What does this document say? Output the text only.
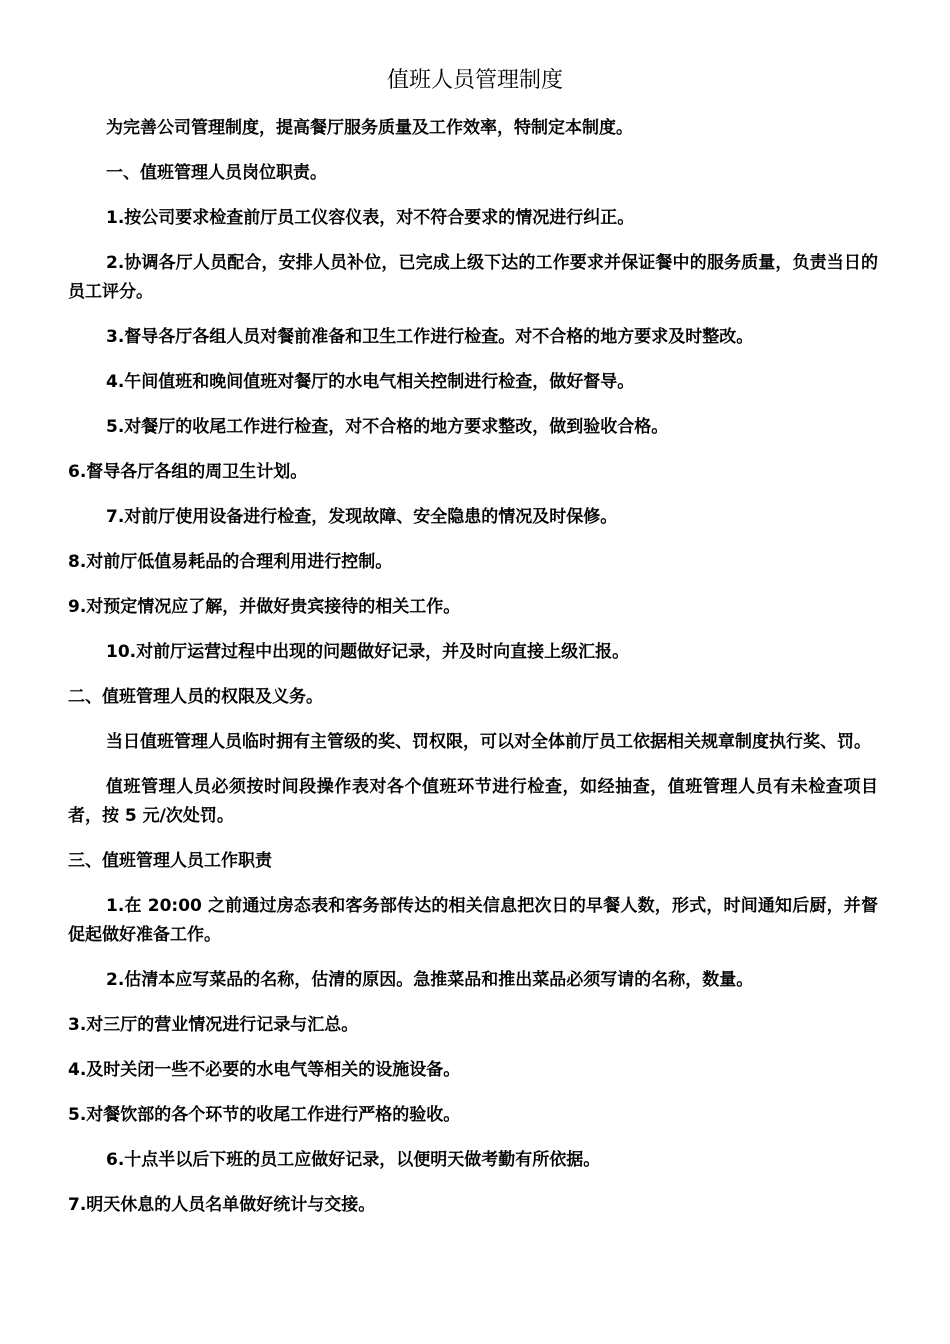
值班人员管理制度

为完善公司管理制度，提高餐厅服务质量及工作效率，特制定本制度。

一、值班管理人员岗位职责。

1.按公司要求检查前厅员工仪容仪表，对不符合要求的情况进行纠正。

2.协调各厅人员配合，安排人员补位，已完成上级下达的工作要求并保证餐中的服务质量，负责当日的员工评分。

3.督导各厅各组人员对餐前准备和卫生工作进行检查。对不合格的地方要求及时整改。

4.午间值班和晚间值班对餐厅的水电气相关控制进行检查，做好督导。

5.对餐厅的收尾工作进行检查，对不合格的地方要求整改，做到验收合格。

6.督导各厅各组的周卫生计划。

7.对前厅使用设备进行检查，发现故障、安全隐患的情况及时保修。

8.对前厅低值易耗品的合理利用进行控制。

9.对预定情况应了解，并做好贵宾接待的相关工作。

10.对前厅运营过程中出现的问题做好记录，并及时向直接上级汇报。

二、值班管理人员的权限及义务。

当日值班管理人员临时拥有主管级的奖、罚权限，可以对全体前厅员工依据相关规章制度执行奖、罚。

值班管理人员必须按时间段操作表对各个值班环节进行检查，如经抽查，值班管理人员有未检查项目者，按 5 元/次处罚。

三、值班管理人员工作职责

1.在 20:00 之前通过房态表和客务部传达的相关信息把次日的早餐人数，形式，时间通知后厨，并督促起做好准备工作。

2.估清本应写菜品的名称，估清的原因。急推菜品和推出菜品必须写请的名称，数量。

3.对三厅的营业情况进行记录与汇总。

4.及时关闭一些不必要的水电气等相关的设施设备。

5.对餐饮部的各个环节的收尾工作进行严格的验收。

6.十点半以后下班的员工应做好记录，以便明天做考勤有所依据。

7.明天休息的人员名单做好统计与交接。
